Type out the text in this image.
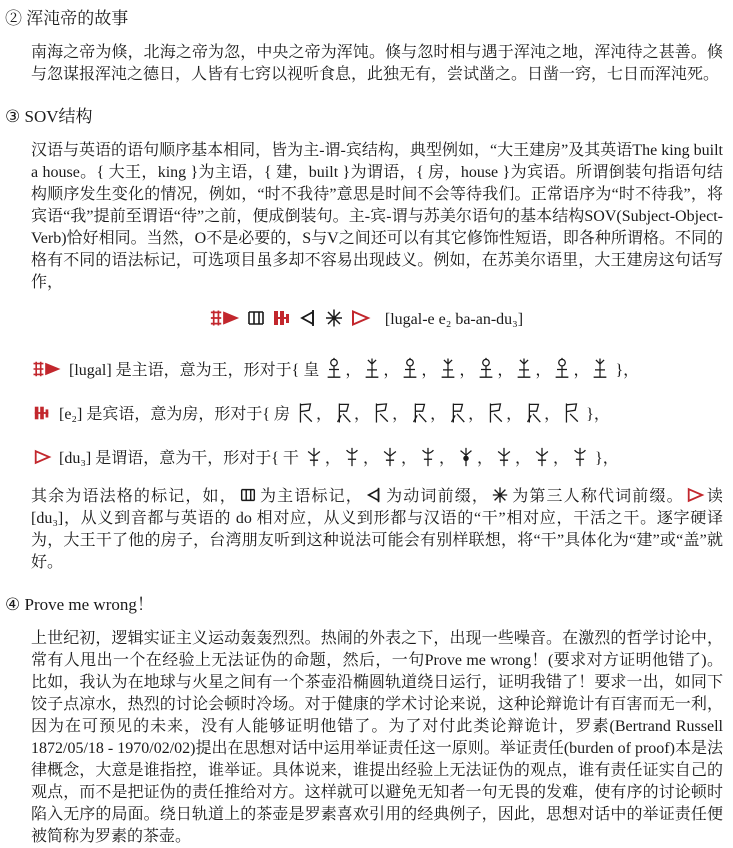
② 浑沌帝的故事

南海之帝为倏，北海之帝为忽，中央之帝为浑饨。倏与忽时相与遇于浑沌之地，浑沌待之甚善。倏与忽谋报浑沌之德日，人皆有七窍以视听食息，此独无有，尝试凿之。日凿一窍，七日而浑沌死。

③ SOV结构

汉语与英语的语句顺序基本相同，皆为主-谓-宾结构，典型例如，“大王建房”及其英语The king built a house。{ 大王，king }为主语，{ 建，built }为谓语，{ 房，house }为宾语。所谓倒装句指语句结构顺序发生变化的情况，例如，“时不我待”意思是时间不会等待我们。正常语序为“时不待我”，将宾语“我”提前至谓语“待”之前，便成倒装句。主-宾-谓与苏美尔语句的基本结构SOV(Subject-Object-Verb)恰好相同。当然，O不是必要的，S与V之间还可以有其它修饰性短语，即各种所谓格。不同的格有不同的语法标记，可选项目虽多却不容易出现歧义。例如，在苏美尔语里，大王建房这句话写作，

[lugal-e e₂ ba-an-du₃]
[lugal] 是主语，意为王，形对于{ 皇 ， ， ， ， ， ， ， }，
[e₂] 是宾语，意为房，形对于{ 房 ， ， ， ， ， ， ， }，
[du₃] 是谓语，意为干，形对于{ 干 ， ， ， ， ， ， ， }，

其余为语法格的标记，如， 为主语标记， 为动词前缀， 为第三人称代词前缀。 读[du₃]，从义到音都与英语的 do 相对应，从义到形都与汉语的“干”相对应，干活之干。逐字硬译为，大王干了他的房子，台湾朋友听到这种说法可能会有别样联想，将“干”具体化为“建”或“盖”就好。

④ Prove me wrong！

上世纪初，逻辑实证主义运动轰轰烈烈。热闹的外表之下，出现一些噪音。在激烈的哲学讨论中，常有人甩出一个在经验上无法证伪的命题，然后，一句Prove me wrong！(要求对方证明他错了)。比如，我认为在地球与火星之间有一个茶壶沿椭圆轨道绕日运行，证明我错了！要求一出，如同下饺子点凉水，热烈的讨论会顿时冷场。对于健康的学术讨论来说，这种论辩诡计有百害而无一利，因为在可预见的未来，没有人能够证明他错了。为了对付此类论辩诡计，罗素(Bertrand Russell 1872/05/18 - 1970/02/02)提出在思想对话中运用举证责任这一原则。举证责任(burden of proof)本是法律概念，大意是谁指控，谁举证。具体说来，谁提出经验上无法证伪的观点，谁有责任证实自己的观点，而不是把证伪的责任推给对方。这样就可以避免无知者一句无畏的发难，使有序的讨论顿时陷入无序的局面。绕日轨道上的茶壶是罗素喜欢引用的经典例子，因此，思想对话中的举证责任便被简称为罗素的茶壶。
